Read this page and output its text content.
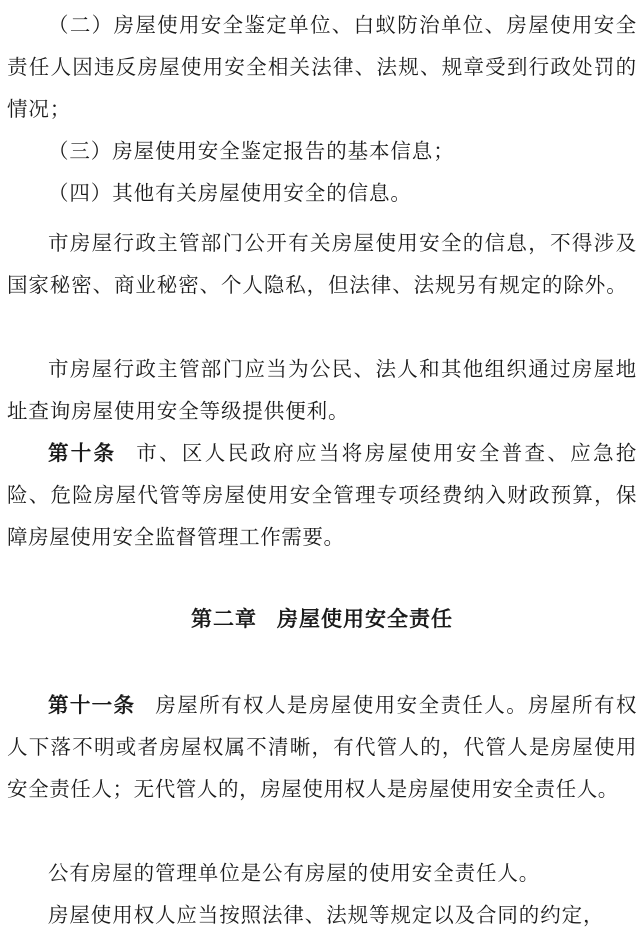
（二）房屋使用安全鉴定单位、白蚁防治单位、房屋使用安全责任人因违反房屋使用安全相关法律、法规、规章受到行政处罚的情况；

（三）房屋使用安全鉴定报告的基本信息；

（四）其他有关房屋使用安全的信息。

市房屋行政主管部门公开有关房屋使用安全的信息，不得涉及国家秘密、商业秘密、个人隐私，但法律、法规另有规定的除外。

市房屋行政主管部门应当为公民、法人和其他组织通过房屋地址查询房屋使用安全等级提供便利。

第十条 市、区人民政府应当将房屋使用安全普查、应急抢险、危险房屋代管等房屋使用安全管理专项经费纳入财政预算，保障房屋使用安全监督管理工作需要。

第二章 房屋使用安全责任

第十一条 房屋所有权人是房屋使用安全责任人。房屋所有权人下落不明或者房屋权属不清晰，有代管人的，代管人是房屋使用安全责任人；无代管人的，房屋使用权人是房屋使用安全责任人。

公有房屋的管理单位是公有房屋的使用安全责任人。

房屋使用权人应当按照法律、法规等规定以及合同的约定，
